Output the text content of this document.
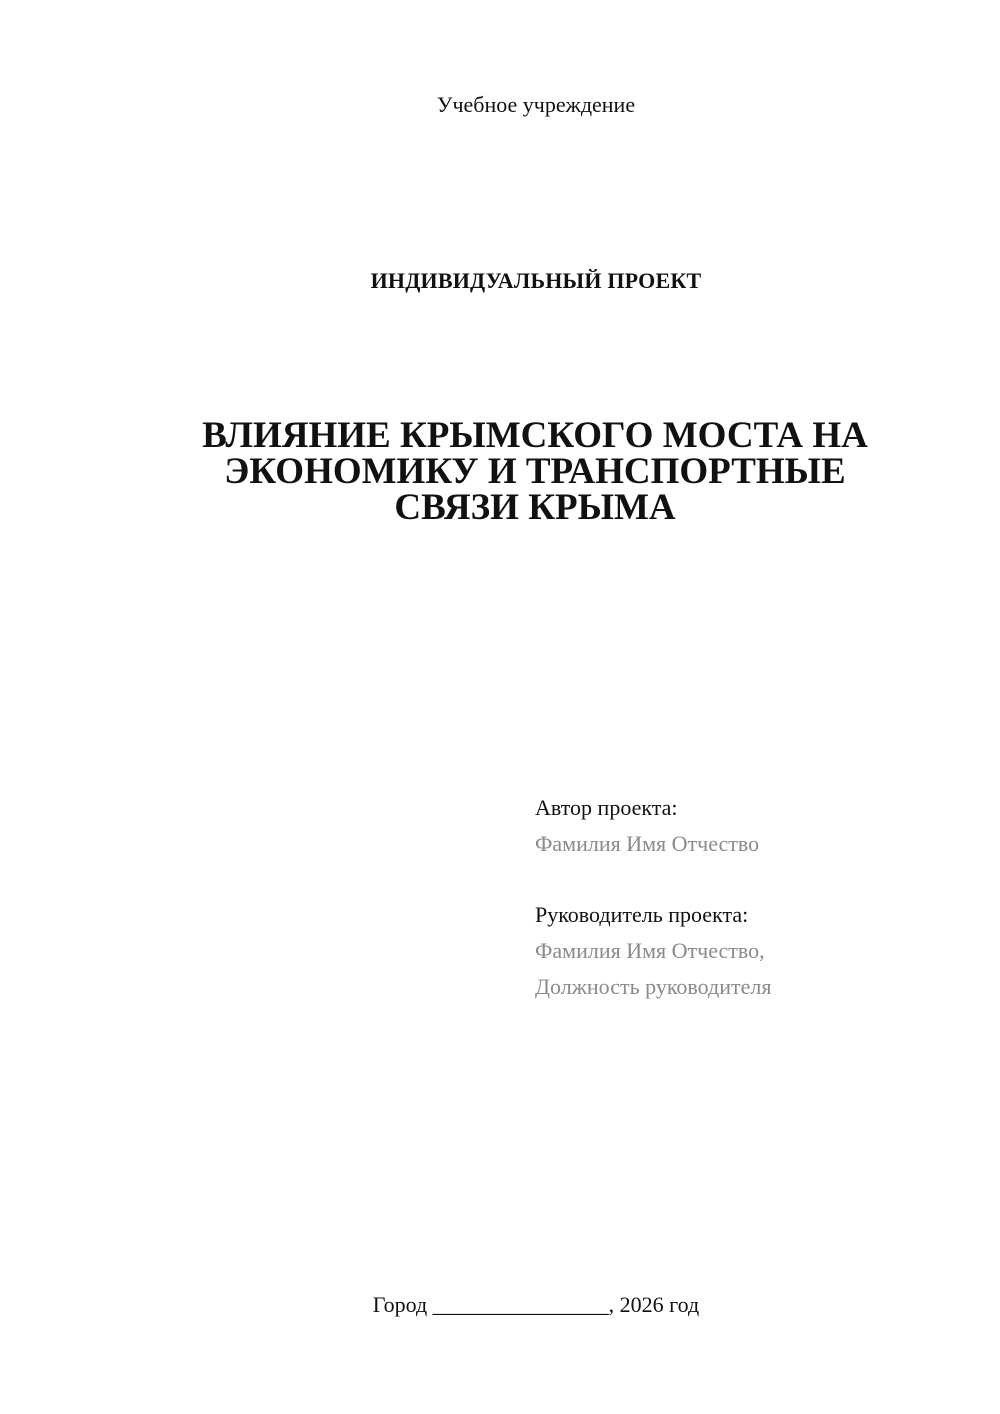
Учебное учреждение
ИНДИВИДУАЛЬНЫЙ ПРОЕКТ
ВЛИЯНИЕ КРЫМСКОГО МОСТА НА
ЭКОНОМИКУ И ТРАНСПОРТНЫЕ
СВЯЗИ КРЫМА
Автор проекта:
Фамилия Имя Отчество
Руководитель проекта:
Фамилия Имя Отчество,
Должность руководителя
Город ________________, 2026 год
